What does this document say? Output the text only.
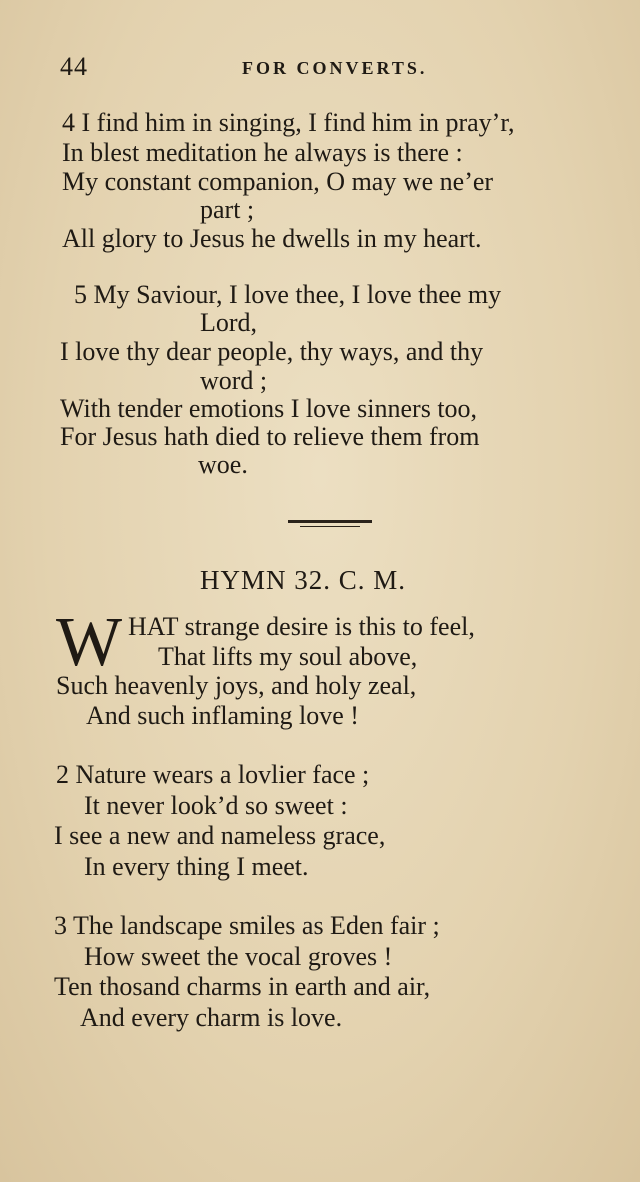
44	FOR CONVERTS.
4 I find him in singing, I find him in pray’r,
In blest meditation he always is there :
My constant companion, O may we ne’er
part ;
All glory to Jesus he dwells in my heart.
5 My Saviour, I love thee, I love thee my
Lord,
I love thy dear people, thy ways, and thy
word ;
With tender emotions I love sinners too,
For Jesus hath died to relieve them from
woe.
HYMN 32. C. M.
W HAT strange desire is this to feel,
That lifts my soul above,
Such heavenly joys, and holy zeal,
And such inflaming love !
2 Nature wears a lovlier face ;
It never look’d so sweet :
I see a new and nameless grace,
In every thing I meet.
3 The landscape smiles as Eden fair ;
How sweet the vocal groves !
Ten thosand charms in earth and air,
And every charm is love.
